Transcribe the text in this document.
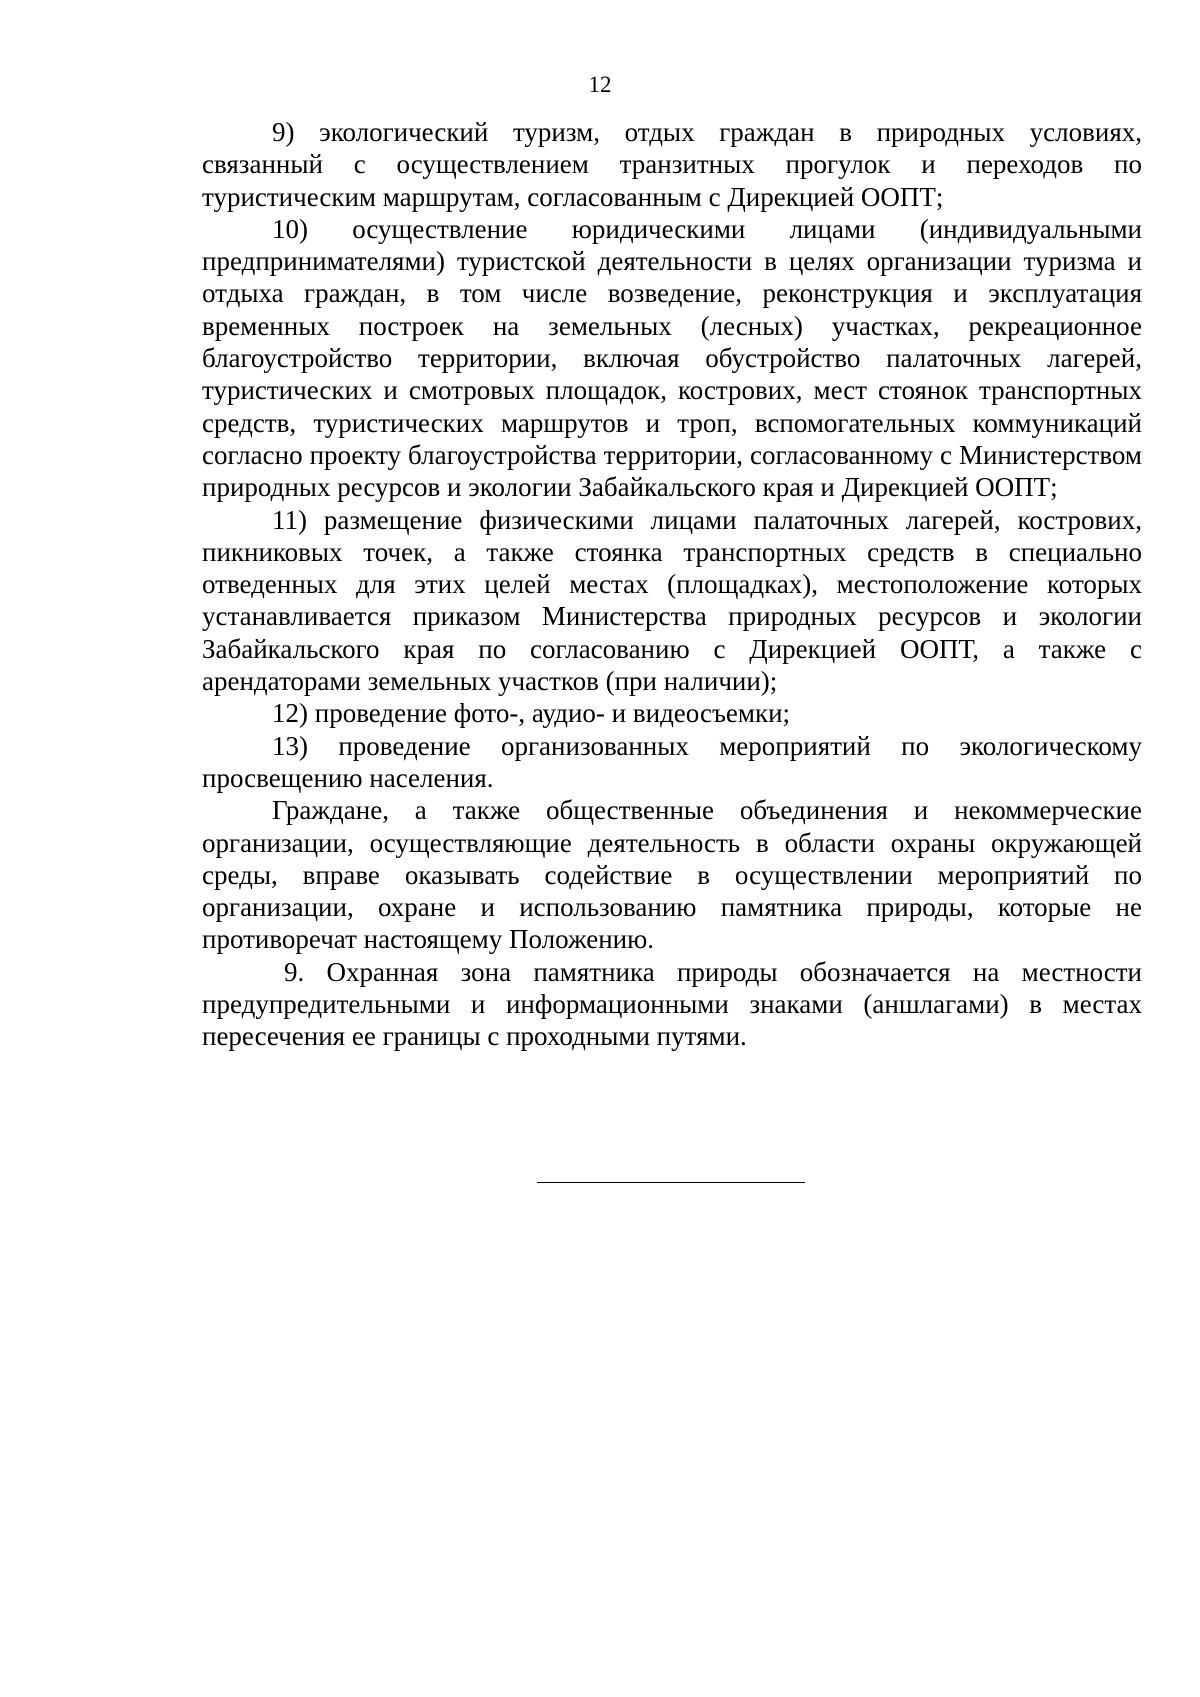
12

9) экологический туризм, отдых граждан в природных условиях, связанный с осуществлением транзитных прогулок и переходов по туристическим маршрутам, согласованным с Дирекцией ООПТ;

10) осуществление юридическими лицами (индивидуальными предпринимателями) туристской деятельности в целях организации туризма и отдыха граждан, в том числе возведение, реконструкция и эксплуатация временных построек на земельных (лесных) участках, рекреационное благоустройство территории, включая обустройство палаточных лагерей, туристических и смотровых площадок, кострових, мест стоянок транспортных средств, туристических маршрутов и троп, вспомогательных коммуникаций согласно проекту благоустройства территории, согласованному с Министерством природных ресурсов и экологии Забайкальского края и Дирекцией ООПТ;

11) размещение физическими лицами палаточных лагерей, кострових, пикниковых точек, а также стоянка транспортных средств в специально отведенных для этих целей местах (площадках), местоположение которых устанавливается приказом Министерства природных ресурсов и экологии Забайкальского края по согласованию с Дирекцией ООПТ, а также с арендаторами земельных участков (при наличии);

12) проведение фото-, аудио- и видеосъемки;

13) проведение организованных мероприятий по экологическому просвещению населения.

Граждане, а также общественные объединения и некоммерческие организации, осуществляющие деятельность в области охраны окружающей среды, вправе оказывать содействие в осуществлении мероприятий по организации, охране и использованию памятника природы, которые не противоречат настоящему Положению.

9. Охранная зона памятника природы обозначается на местности предупредительными и информационными знаками (аншлагами) в местах пересечения ее границы с проходными путями.
